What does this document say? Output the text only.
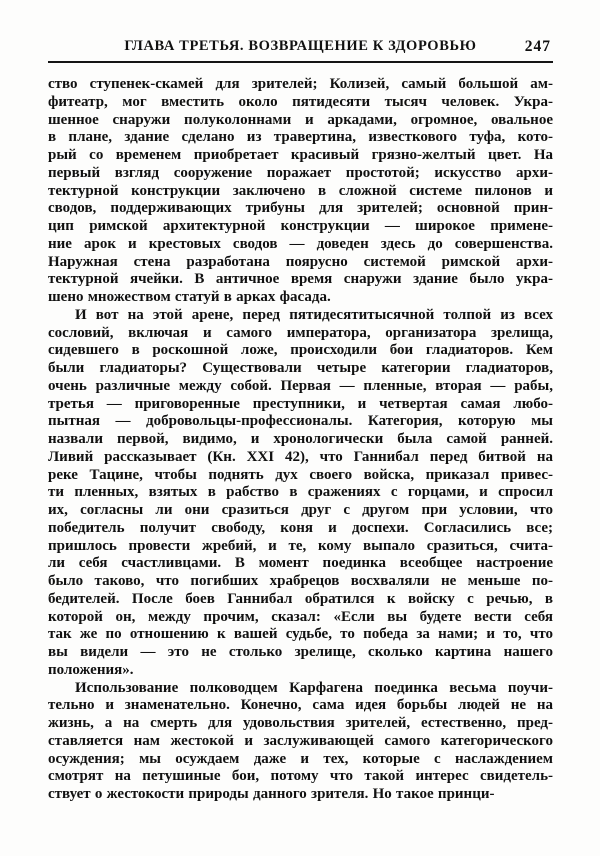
ГЛАВА ТРЕТЬЯ. ВОЗВРАЩЕНИЕ К ЗДОРОВЬЮ	247

ство ступенек-скамей для зрителей; Колизей, самый большой ам-
фитеатр, мог вместить около пятидесяти тысяч человек. Укра-
шенное снаружи полуколоннами и аркадами, огромное, овальное
в плане, здание сделано из травертина, известкового туфа, кото-
рый со временем приобретает красивый грязно-желтый цвет. На
первый взгляд сооружение поражает простотой; искусство архи-
тектурной конструкции заключено в сложной системе пилонов и
сводов, поддерживающих трибуны для зрителей; основной прин-
цип римской архитектурной конструкции — широкое примене-
ние арок и крестовых сводов — доведен здесь до совершенства.
Наружная стена разработана поярусно системой римской архи-
тектурной ячейки. В античное время снаружи здание было укра-
шено множеством статуй в арках фасада.

И вот на этой арене, перед пятидесятитысячной толпой из всех
сословий, включая и самого императора, организатора зрелища,
сидевшего в роскошной ложе, происходили бои гладиаторов. Кем
были гладиаторы? Существовали четыре категории гладиаторов,
очень различные между собой. Первая — пленные, вторая — рабы,
третья — приговоренные преступники, и четвертая самая любо-
пытная — добровольцы-профессионалы. Категория, которую мы
назвали первой, видимо, и хронологически была самой ранней.
Ливий рассказывает (Кн. XXI 42), что Ганнибал перед битвой на
реке Тацине, чтобы поднять дух своего войска, приказал привес-
ти пленных, взятых в рабство в сражениях с горцами, и спросил
их, согласны ли они сразиться друг с другом при условии, что
победитель получит свободу, коня и доспехи. Согласились все;
пришлось провести жребий, и те, кому выпало сразиться, счита-
ли себя счастливцами. В момент поединка всеобщее настроение
было таково, что погибших храбрецов восхваляли не меньше по-
бедителей. После боев Ганнибал обратился к войску с речью, в
которой он, между прочим, сказал: «Если вы будете вести себя
так же по отношению к вашей судьбе, то победа за нами; и то, что
вы видели — это не столько зрелище, сколько картина нашего
положения».

Использование полководцем Карфагена поединка весьма поучи-
тельно и знаменательно. Конечно, сама идея борьбы людей не на
жизнь, а на смерть для удовольствия зрителей, естественно, пред-
ставляется нам жестокой и заслуживающей самого категорического
осуждения; мы осуждаем даже и тех, которые с наслаждением
смотрят на петушиные бои, потому что такой интерес свидетель-
ствует о жестокости природы данного зрителя. Но такое принци-
